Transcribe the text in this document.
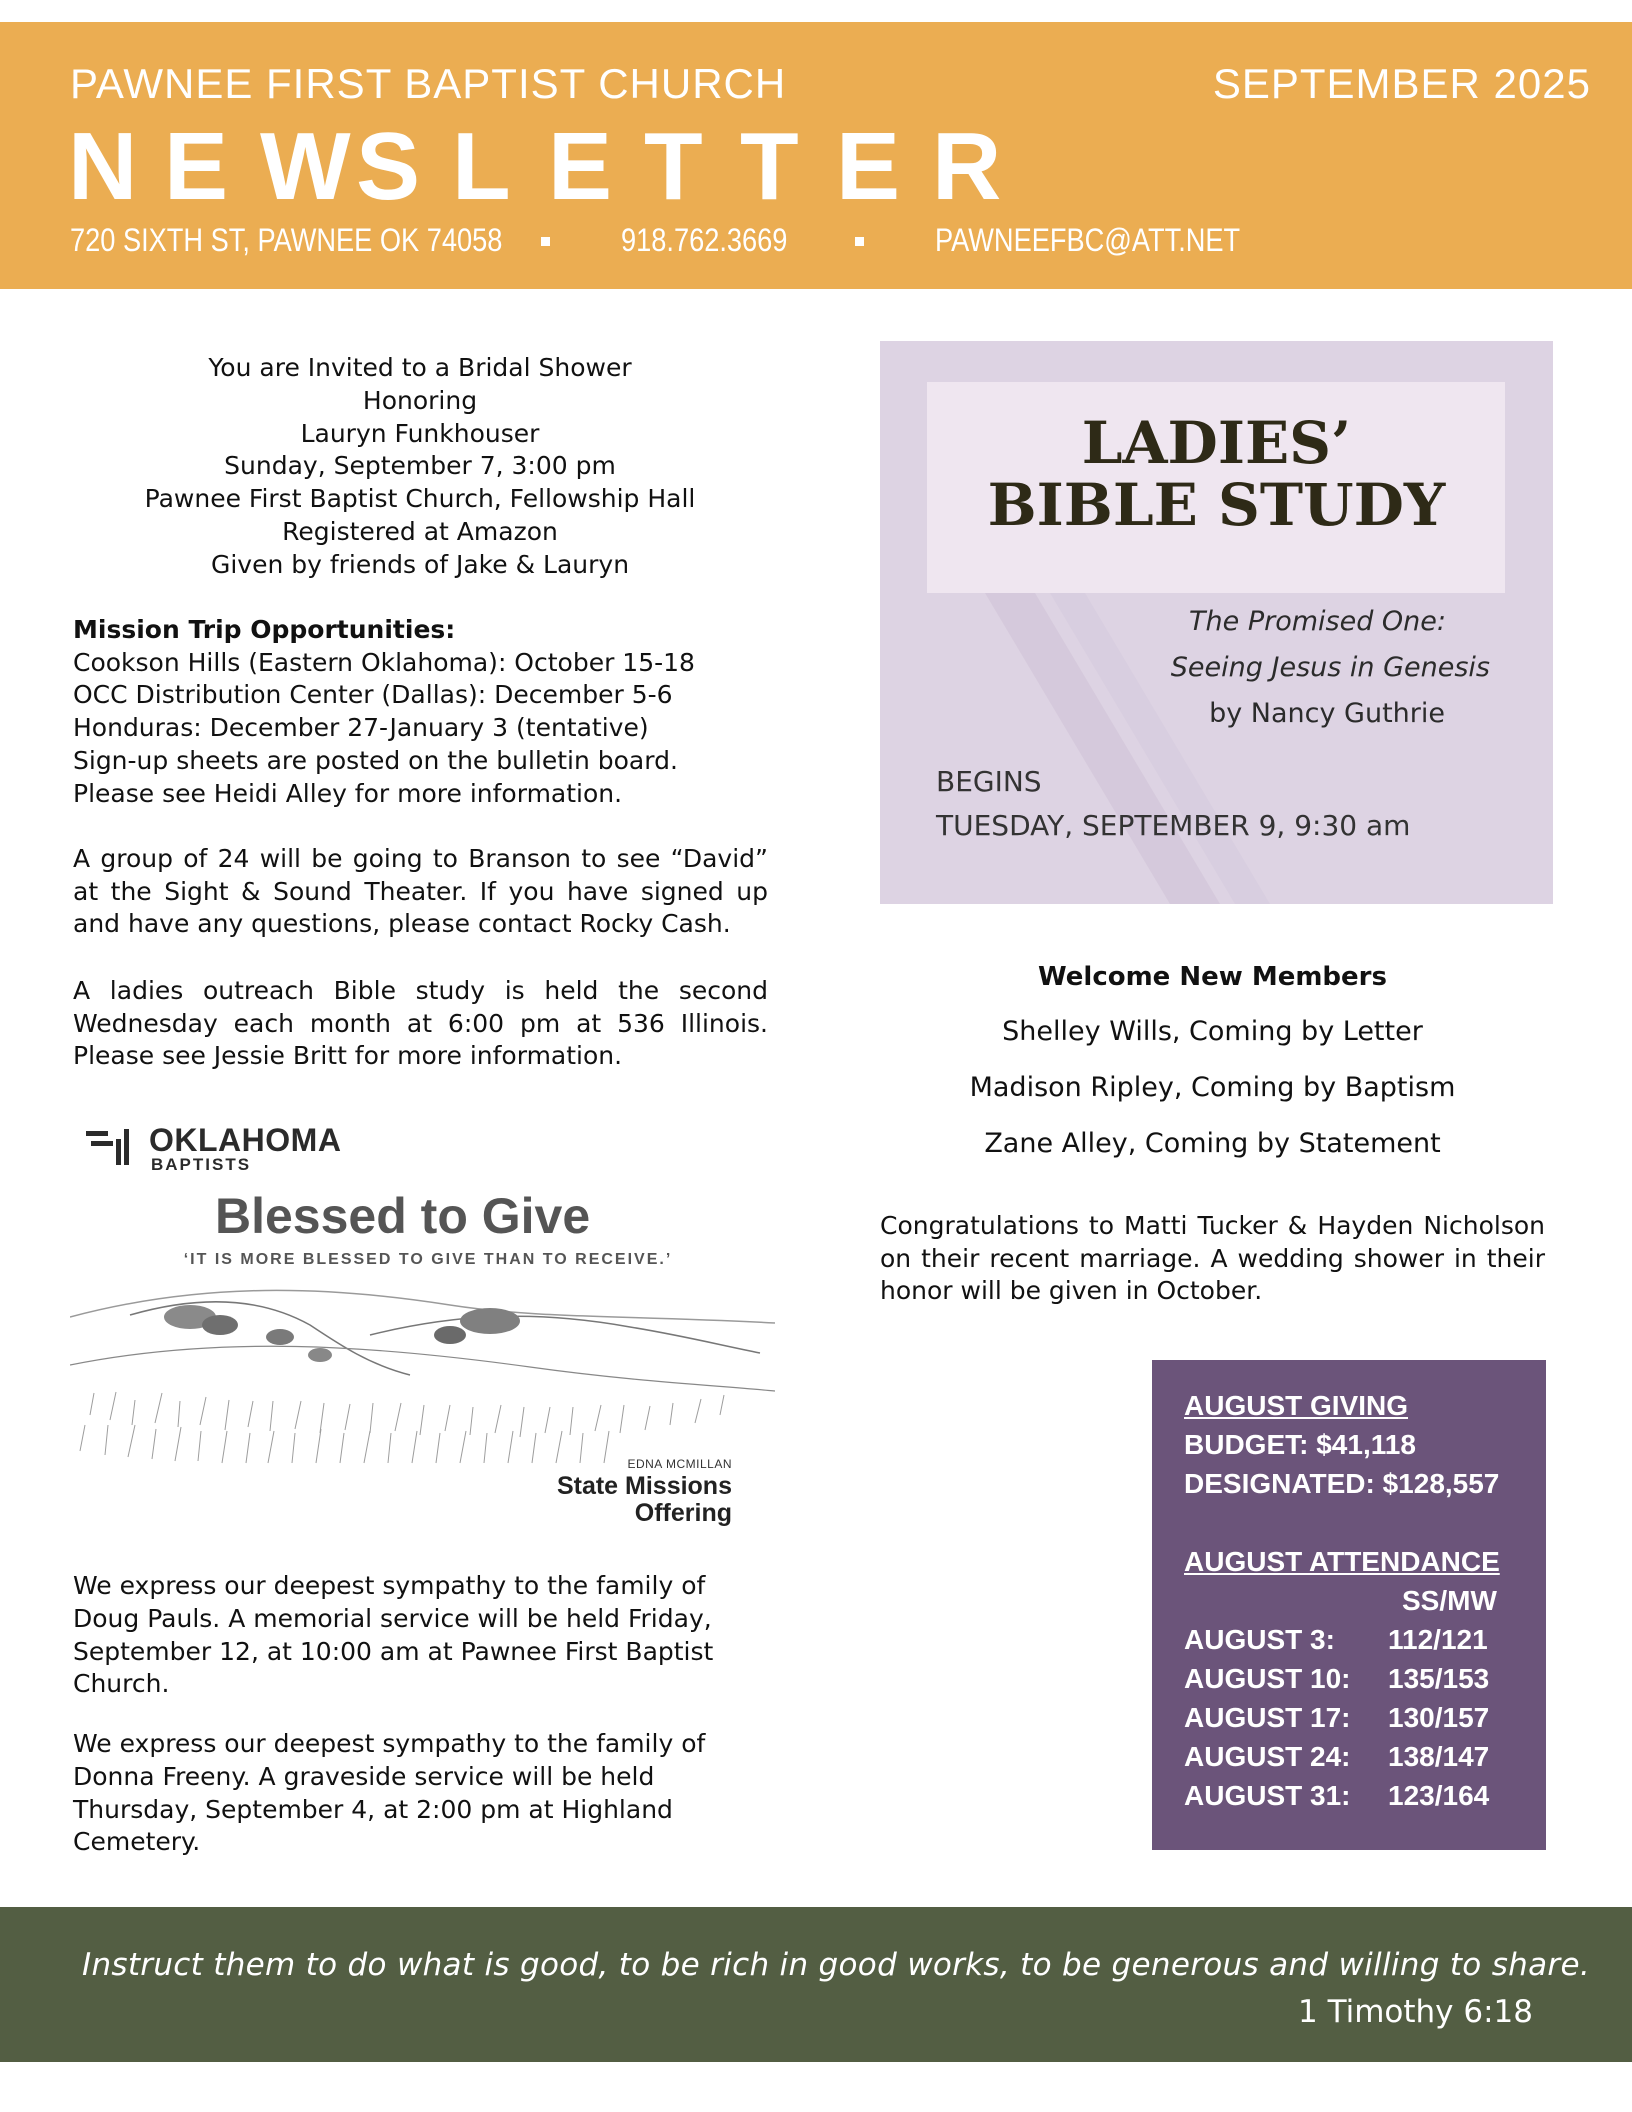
PAWNEE FIRST BAPTIST CHURCH	SEPTEMBER 2025
N E W S L E T T E R
720 SIXTH ST, PAWNEE OK 74058	918.762.3669	PAWNEEFBC@ATT.NET
You are Invited to a Bridal Shower
Honoring
Lauryn Funkhouser
Sunday, September 7, 3:00 pm
Pawnee First Baptist Church, Fellowship Hall
Registered at Amazon
Given by friends of Jake & Lauryn
Mission Trip Opportunities:
Cookson Hills (Eastern Oklahoma): October 15-18
OCC Distribution Center (Dallas): December 5-6
Honduras: December 27-January 3 (tentative)
Sign-up sheets are posted on the bulletin board.
Please see Heidi Alley for more information.
A group of 24 will be going to Branson to see “David” at the Sight & Sound Theater. If you have signed up and have any questions, please contact Rocky Cash.
A ladies outreach Bible study is held the second Wednesday each month at 6:00 pm at 536 Illinois. Please see Jessie Britt for more information.
OKLAHOMA
BAPTISTS
Blessed to Give
‘IT IS MORE BLESSED TO GIVE THAN TO RECEIVE.’
EDNA MCMILLAN
State Missions
Offering
We express our deepest sympathy to the family of Doug Pauls. A memorial service will be held Friday, September 12, at 10:00 am at Pawnee First Baptist Church.
We express our deepest sympathy to the family of Donna Freeny. A graveside service will be held Thursday, September 4, at 2:00 pm at Highland Cemetery.
LADIES’
BIBLE STUDY
The Promised One:
Seeing Jesus in Genesis
by Nancy Guthrie
BEGINS
TUESDAY, SEPTEMBER 9, 9:30 am
Welcome New Members
Shelley Wills, Coming by Letter
Madison Ripley, Coming by Baptism
Zane Alley, Coming by Statement
Congratulations to Matti Tucker & Hayden Nicholson on their recent marriage. A wedding shower in their honor will be given in October.
AUGUST GIVING
BUDGET: $41,118
DESIGNATED: $128,557
AUGUST ATTENDANCE
SS/MW
AUGUST 3: 112/121
AUGUST 10: 135/153
AUGUST 17: 130/157
AUGUST 24: 138/147
AUGUST 31: 123/164
Instruct them to do what is good, to be rich in good works, to be generous and willing to share.
1 Timothy 6:18
